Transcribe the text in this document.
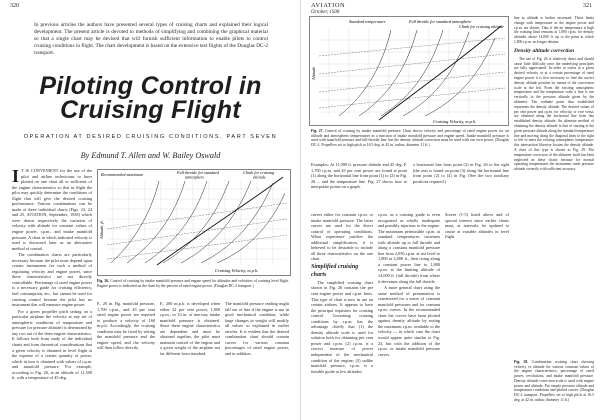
320
In previous articles the authors have presented several types of cruising charts and explained their logical development. The present article is devoted to methods of simplifying and combining the graphical material so that a single chart may be devised that will furnish sufficient information to enable pilots to control cruising conditions in flight. The chart development is based on the extensive test flights of the Douglas DC-2 transport.
Piloting Control in
Cruising Flight
OPERATION AT DESIRED CRUISING CONDITIONS, PART SEVEN
By Edmund T. Allen and W. Bailey Oswald

I T IS CONVENIENT for the use of the pilot and airline technicians to have plotted on one chart all or sufficient of the engine characteristics so that in flight the pilot may quickly determine the conditions of flight that will give the desired cruising performance. Various combinations can be made of three individual charts (Figs. 23, 24 and 25, AVIATION, September, 1938) which were drawn respectively the variation of velocity with altitude for constant values of engine power, r.p.m., and intake manifold pressure. A chart in which indicated velocity is used is discussed later as an alternative method of control.

The combination charts are particularly necessary because the pilot must depend upon certain instruments for such a method of regulating velocity and engine power, since these characteristics are not directly controllable. Percentage of rated engine power is a necessary guide for cruising efficiency, fuel consumption, etc., but cannot be used for cruising control because the pilot has no instrument that will measure engine power.

For a given propeller pitch setting on a particular airplane the velocity at any set of atmospheric conditions of temperature and pressure (or pressure altitude) is determined by any two out of the three engine characteristics. It follows both from study of the individual charts and from theoretical considerations that a given velocity is obtained in level flight at the expense of a certain quantity of power, which in turn is obtained with values of r.p.m. and manifold pressure. For example, according to Fig. 26, at an altitude of 11,500 ft. with a temperature of 45 deg.

Recommended maximum	Full throttle for standard
atmosphere
Climb for cruising
altitude
Cruising Velocity, m.p.h.
Altitude, ft.
Fig. 26. Control of cruising by intake manifold pressure and engine speed for altitudes and velocities of cruising level flight. Engine power is indicated on the chart by the percent of rated engine power. (Douglas DC-2 transport.)

F., 20 in. Hg. manifold pressure, 1,700 r.p.m., and 45 per cent rated engine power are required to produce a velocity of 160 m.p.h. Accordingly, the cruising condition may be fixed by setting the manifold pressure and the engine speed, and the velocity will then follow directly.

F., 200 m.p.h. is developed when either 22 per cent power, 1,800 r.p.m., or 33 in. of mercury intake manifold pressure is obtained. Since these engine characteristics are dependent and must be obtained together, the pilot must maintain control of the engine and a given weight of the airplane not far different from standard.

The manifold pressure reading might fall out of line if the engine is not in good mechanical condition, while large changes in weight will modify all values so explained in earlier articles. It is evident that the desired combination chart should contain curves for various constant percentages of rated engine power, and in addition.

AVIATION
October, 1938
321
Standard temperature	Full throttle for standard atmosphere
Climb for cruising altitude
Cruising Velocity, m.p.h.
Altitude
Fig. 27. Control of cruising by intake manifold pressure. Chart shows velocity and percentage of rated engine power for air altitude and atmospheric temperatures as a function of intake manifold pressure and engine speed. Intake manifold pressure is used with manifold pressure and full-throttle line, but the density altitude correction must be used with our own power. (Douglas DC-2. Propellers set to high pitch at 16.5 deg. at 42 in. radius; diameter 11 ft.)

Examples: At 11,000 ft. pressure altitude and 45 deg. F. 1,700 r.p.m. and 45 per cent power are found at point (1) along the horizontal line from point (1) to (2) in Fig. 26 ... and the temperature line. Fig. 27 shows how to interpolate points on a graph.

a horizontal line from point (2) in Fig. 26 to the right (the axis is found on point (3) along the horizontal line from point (2) to (4) in Fig. (See the two auxiliary positions required.)

curves either for constant r.p.m. or intake manifold pressure. The latter curves are used for the direct control of operating conditions. When experience justifies the additional simplification, it is believed to be desirable to include all three characteristics on the one chart.

Simplified cruising charts

The simplified cruising chart shown in Fig. 26 contains the per cent engine power and r.p.m. lines. This type of chart is now in use on certain airlines. It appears to have the principal requisites for cruising control. Governing cruising conditions by r.p.m. has the advantage chiefly that (1) the density altitude scale is used for solution both for obtaining per cent power and r.p.m. (2) r.p.m. is a correct measure of power independent of the mechanical condition of the engine; (3) unlike manifold pressure, r.p.m. is a feasible guide at low altitudes.

r.p.m. as a cruising guide is even recognized as wholly inadequate and possibly injurious to the engine. The maximum permissible r.p.m. at standard temperatures increases with altitude up to full throttle and along a constant manifold pressure line from 2,050 r.p.m. at sea level to 1,800 at 4,000 ft., then rising along a constant power line to 1,800 r.p.m. at the limiting altitude of 14,000 ft. (full throttle) from where it decreases along the full throttle

A more general chart using the same method of presentation is constructed for a series of constant manifold pressures and for constant r.p.m. curves. In the recommended chart the curves have been plotted against density altitude by noting the maximum r.p.m. available to the velocity — in which case the chart would appear quite similar to Fig. 23, but with the addition of the r.p.m. or intake manifold pressure curves.

Scores (1-5) listed above and of special interest since earlier charts must, at intervals, be updated to cruise at variable altitudes in level flight.

line as altitude is further increased. These limits change with temperature as the engine power and r.p.m. are shown. Thus if the air temperature is high the cruising limit remains at 1,800 r.p.m. for density altitudes above 14,000 ft. up to the point at which 1,800 r.p.m. no longer obtains.

Density altitude correction

The use of Fig. 26 is relatively direct and should cause little difficulty once the underlying principles are fully appreciated. In order to cruise at a given desired velocity or at a certain percentage of rated engine power it is first necessary to find the correct density altitude position by means of the conversion scale at the left. From the existing atmospheric temperature and the temperature scale a line is run vertically to the pressure altitude given by the altimeter. The ordinate point thus established represents the density altitude. The desired values of per cent power and r.p.m. for velocity, or vice versa, are obtained along the horizontal line from this established density altitude. An alternate method of obtaining the density altitude is that of starting at the given pressure altitude along the standard temperature line and moving along the diagonal lines to the right or left to meet the existing atmospheric temperature; this intersection likewise locates the density altitude. A chart of this type is shown as Fig. 29. The temperature correction of the altimeter itself has been neglected in these charts because for normal operating temperatures the instrument reads pressure altitude correctly with sufficient accuracy.

Fig. 28. Combination cruising chart showing velocity vs altitude for various constant values of the engine characteristics, percentage of rated power, revolutions, and intake manifold pressure. Density altitude correction scale is used with engine power and altitude. For simple pressure altitude and temperature conditions and plotted curves. (Douglas DC-2 transport. Propellers set to high pitch at 16.5 deg. at 42 in. radius; diameter 11 ft.)
